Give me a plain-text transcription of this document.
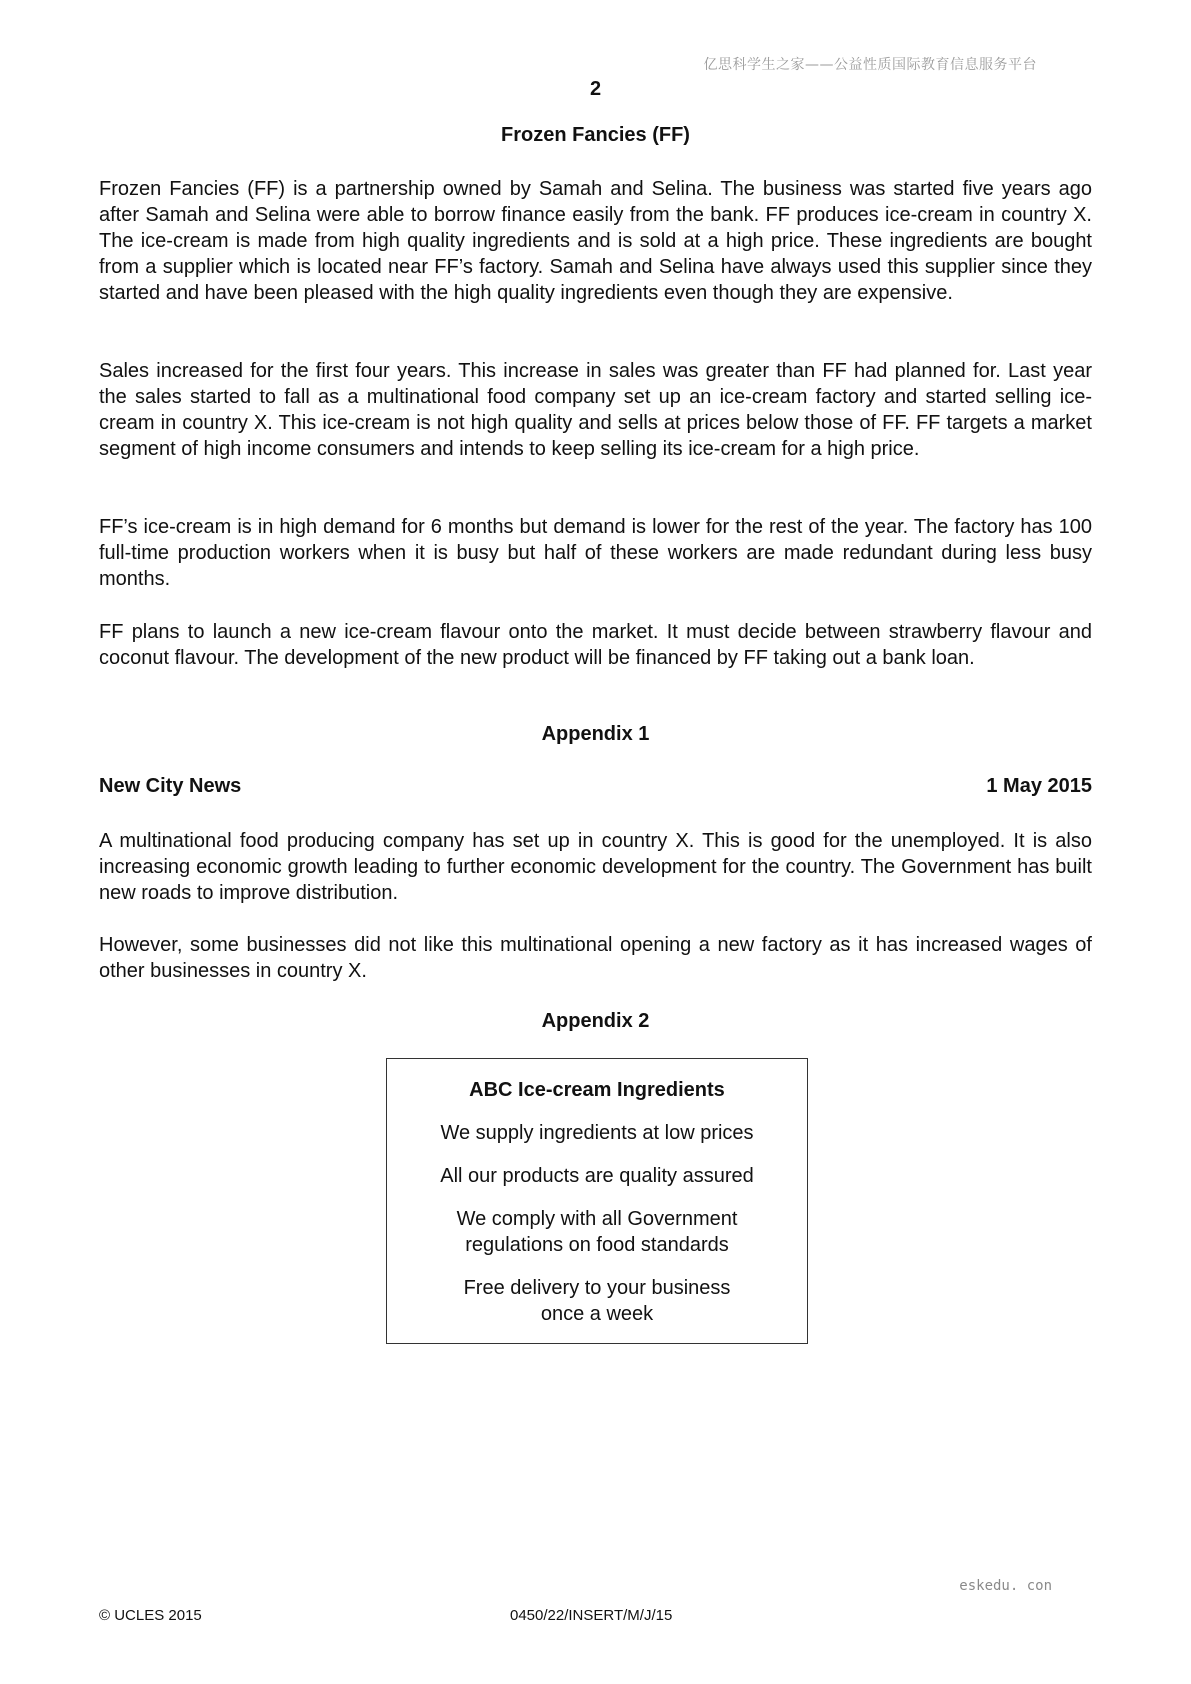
亿思科学生之家——公益性质国际教育信息服务平台
2
Frozen Fancies (FF)
Frozen Fancies (FF) is a partnership owned by Samah and Selina. The business was started five years ago after Samah and Selina were able to borrow finance easily from the bank. FF produces ice-cream in country X. The ice-cream is made from high quality ingredients and is sold at a high price. These ingredients are bought from a supplier which is located near FF’s factory. Samah and Selina have always used this supplier since they started and have been pleased with the high quality ingredients even though they are expensive.
Sales increased for the first four years. This increase in sales was greater than FF had planned for. Last year the sales started to fall as a multinational food company set up an ice-cream factory and started selling ice-cream in country X. This ice-cream is not high quality and sells at prices below those of FF. FF targets a market segment of high income consumers and intends to keep selling its ice-cream for a high price.
FF’s ice-cream is in high demand for 6 months but demand is lower for the rest of the year. The factory has 100 full-time production workers when it is busy but half of these workers are made redundant during less busy months.
FF plans to launch a new ice-cream flavour onto the market. It must decide between strawberry flavour and coconut flavour. The development of the new product will be financed by FF taking out a bank loan.
Appendix 1
New City News	1 May 2015
A multinational food producing company has set up in country X. This is good for the unemployed. It is also increasing economic growth leading to further economic development for the country. The Government has built new roads to improve distribution.
However, some businesses did not like this multinational opening a new factory as it has increased wages of other businesses in country X.
Appendix 2
ABC Ice-cream Ingredients
We supply ingredients at low prices
All our products are quality assured
We comply with all Government regulations on food standards
Free delivery to your business once a week
eskedu. con
© UCLES 2015	0450/22/INSERT/M/J/15
